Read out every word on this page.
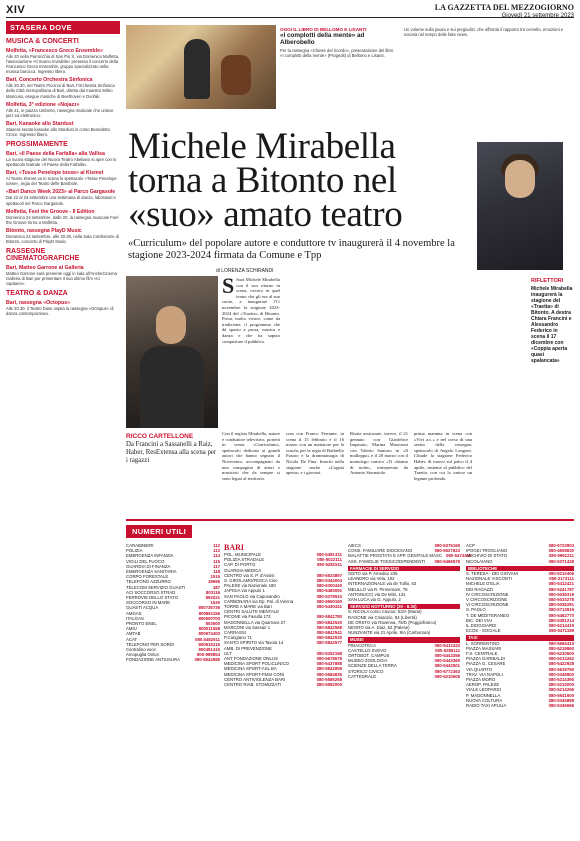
XIV	LA GAZZETTA DEL MEZZOGIORNO
Giovedì 21 settembre 2023
STASERA DOVE
MUSICA & CONCERTI
Molfetta, «Francesco Greco Ensemble»
Alle 20 nella Parrocchia di San Pio X, via Domenico Malfetta, l'associazione «Il Suono Invisibile» presenta il concerto della Francesco Greco Ensemble, gruppo specializzato nella musica barocca. Ingresso libero.
Bari, Concerto Orchestra Sinfonica
Alle 20.30, nel Teatro Piccinni di Bari, l'Orchestra Sinfonica della Città metropolitana di Bari, diretta dal maestro Mirko Mancuso, esegue musiche di Beethoven e Dvořák.
Molfetta, 3° edizione «Nojazz»
Alle 21, in piazza Umberto, rassegna musicale che unisce jazz ed elettronica.
Bari, Kanaoke allo Stardust
Stasera serata karaoke allo Stardust in corso Benedetto Croce. Ingresso libero.
PROSSIMAMENTE
Bari, «Il Paese della Farfalla» alla Vallisa
La nuova stagione del Nuovo Teatro Abeliano si apre con lo spettacolo teatrale «Il Paese della Farfalla».
Bari, «Tosse Penelope tosse» al Kismet
Al Teatro Kismet va in scena lo spettacolo «Tosse Penelope tosse», regia del Teatro delle Bambole.
«Bari Dance Week 2023» al Parco Gargasole
Dal 22 al 24 settembre una settimana di danza, laboratori e spettacoli nel Parco Gargasole.
Molfetta, Feel the Groove - II Edition
Domenica 24 settembre, dalle 20, la rassegna musicale Feel the Groove torna a Molfetta.
Bitonto, rassegna PlayD Music
Domenica 24 settembre, alle 20.30, nella Sala Conferenze di Bitonto, concerto di PlayD Music.
RASSEGNE CINEMATOGRAFICHE
Bari, Matteo Garrone al Galleria
Matteo Garrone sarà presente oggi in sala all'AncheCinema Galleria di Bari per presentare il suo ultimo film «Io capitano».
TEATRO & DANZA
Bari, rassegna «Octopus»
Alle 20.30, il Teatro Duse ospita la rassegna «Octopus» di danza contemporanea.
OGGI IL LIBRO DI BELLOMO E LISANTI
«I complotti della mente» ad Alberobello
Per la rassegna «Chiese del ricordo», presentazione del libro «I complotti della mente» (Progedit) di Bellomo e Lisanti.
Un volume sulla paura e sui pregiudizi, che affronta il rapporto tra cervello, emozioni e società nel tempo delle fake news.
Michele Mirabella torna a Bitonto nel «suo» amato teatro
«Curriculum» del popolare autore e conduttore tv inaugurerà il 4 novembre la stagione 2023-2024 firmata da Comune e Tpp
RIFLETTORI
Michele Mirabella inaugurerà la stagione del «Traetta» di Bitonto. A destra Chiara Francini e Alessandro Federico in scena il 17 dicembre con «Coppia aperta quasi spalancata»
di LORENZA SCHIRANDI
RICCO CARTELLONE
Da Francini a Sassanelli a Raiz, Haber, ResExtensa alla scena per i ragazzi
S Sarà Michele Mirabella con il suo ritorno in scena, ovvero in quel teatro che gli era al suo cuore, a inaugurare l'11 novembre la stagione 2023-2024 del «Traetta» di Bitonto. Presa, molto vivace, come da tradizione, il programma che dà spazio a prosa, musica e danza e che ha saputo conquistare il pubblico.
Con il regista Mirabella, autore e conduttore televisivo, porterà in scena «Curriculum», spettacolo dedicato ai grandi autori che hanno segnato il Novecento, accompagnato da una compagnia di attori e musicisti che da sempre si sono legati al territorio.
crea con Franco Ferrante, in scena il 15 febbraio e il 16 marzo con un mattatore per la scuola, per la regia di Raffaello Fusaro e la drammaturgia di Nicola De Fina. Inseriti nella stagione anche «Coppia aperta» e i giovani.
Risate assicurate, invece, il 21 gennaio con Gianfelice Imparato, Marina Massironi con Valerio Santoro in «Il malloppo» e il 20 marzo con il monologo comico «Ti chiamo di notte», interpretato da Antonio Stornaiolo.
prima mamma in scena con «Vivi a.c.» e nel corso di una serata della rassegna, spettacolo di Angelo Longoni. Chiude la stagione Federico Haber, di nuovo sul palco il 4 aprile, insieme al pubblico del Traetta, con cui lo unisce un legame profondo.
NUMERI UTILI
CARABINIERI	112
POLIZIA	113
EMERGENZA INFANZIA	114
VIGILI DEL FUOCO	115
GUARDIA DI FINANZA	117
EMERGENZA SANITARIA	118
CORPO FORESTALE	1515
TELEFONO AZZURRO	19696
TELECOM SERVIZIO GUASTI	187
ACI SOCCORSO STRAD.	803116
FERROVIE DELLO STATO	892021
SOCCORSO IN MARE	1530
GUASTI ACQUA	800735735
AMGAS	800861156
ITALGAS	800900700
PRONTO ENEL	803500
AMIU	800011558
AMTAB	800974400
ACAT	080.5482511
TELEFONO PER SORDI	800815215
Centralino voce	800451415
Amopuglia Onlus	800-989854
FONDAZIONE ANTIUSURA	080-5544985
BARI
POL. MUNICIPALE	080-5491331
POLIZIA STRADALE	080-5022111
CAP. DI PORTO	080-5281511
GUARDIA MEDICA
CENTRO via S. P. d'Assisi	080-5524897
S. GIROLAMO/FESCA Ciso	080-5344004
PALESE via Nazionale 180	080-5300440
JAPIGIA via Appulo 1	080-5483091
SAN PAOLO via Caposandro	080-5379510
CARBONARA via Dp. Pal. di Vienna	080-5650160
TORRE A MARE via Bari	080-5430441
CENTRI SALUTE MENTALE
PICONE via Fasulla 173	080-5842780
MADONNELLA via Quarnaro 27	080-5842520
MARCONI via Sassari 1	080-5842568
CARRASSI	080-5842541
P.Cangiano 71	080-5842530
SANTO SPIRITO via Tavoia 14	080-5842577
AMB. DI PREVENZIONE
ULT	080-5252168
ANT FONDAZIONE ONLUS	080-5678678
MEDICINA SPORT POLICLINICO	080-5437888
MEDICINA SPORT-ASL BA	080-5842858
MEDICINA SPORT-FMSI CONI	080-5584835
CENTRO ANTIVIOLENZA BARI	080-5585268
CENTRO RIAB. STOMIZZATI	080-5582000
AIECS	080-5375169
CONS. FAMILIARE DIOCESANO	080-5527623
MALATTIE PROSTATA E APP. GENITALE MASC. 080-5474458
ASS. FAMIGLIE TOSSICODIPENDENTI 080-5466578
FARMACIE DI SERVIZIO
SISTO via P. Amedeo 245
LEANDRO via Vela, 102
INTERNAZIONALE via de Tullio, 53
MELILLO via R. Pinnemore, 78
ANTONUCCI via De Mitri, 131
SAN LUCA via G. Appulo, 2
SERVIZIO NOTTURNO (20 - 8.30)
S. NICOLA corso Cavour, 53/A (Murat)
RAGONE via Crisanzio, 84 (Libertà)
DE ORSTO via Ravenna, 75/D (Poggiofranco)
NEGRO via A. Diaz, 52 (Palese)
NUNZIANTE via 21 Aprile, 9/A (Carbonara)
MUSEI
PINACOTECA	080-5412420
CASTELLO SVEVO	080-5286111
ORTOBOT. CAMPUS	080-5443356
MUSEO ZOOLOGIA	080-5443360
SCIENZE DELLA TERRA	080-5442501
STORICO CIVICO	080-5772363
CATTEDRALE	080-5210605
ACP	080-5723903
IPOGEI TROGLIANO	080-4608830
ARCHIVIO DI STATO	080-5962211
NICOLAIANO	080-5371428
BIBLIOTECHE
S. TERESA - DEI GIOVANI	080-5210406
NAZIONALE VISCONTI	080-2173111
MICHELE D'ELIA	080-5412421
DEI RAGAZZI	080-5241787
IV CIRCOSCRIZIONE	080-5036319
V CIRCOSCRIZIONE	080-5033278
VI CIRCOSCRIZIONE	080-5036281
S. PAOLO	080-5713919
T. DE MEDITERANEO	080-5462770
BIC. DEI VIAI	080-5351214
IL DIOGGIARDI	080-5214419
ECOS - SOCIALE	080-5471189
TAXI
L. SORRENTINO	080-5584410
PIAZZA MASSARI	080-5219860
F.S. CENTRALE	080-5210600
PIAZZA GARIBALDI	080-5214262
PIAZZA G. CESARE	080-5422928
VIA QUARTO	080-5619790
TRAV. VIA NAPOLI	080-5348800
PIAZZA MORO	080-5214390
AEROP. PALESE	080-5210000
VIALE LEOPARDI	080-5214256
P. MADONNELLA	080-5541600
NUOVA COLTURA	080-5345888
RADIO TAXI APULIA	080-5346666
